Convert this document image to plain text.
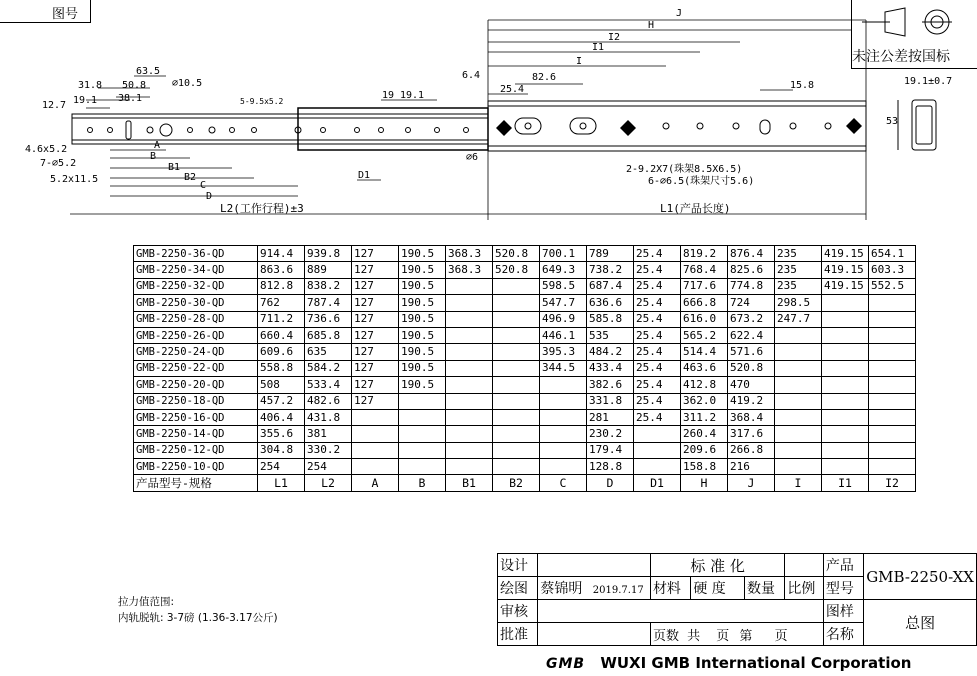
图号
未注公差按国标
63.5
31.8 50.8	⌀10.5
12.7 19.1 38.1	5-9.5x5.2
4.6x5.2
7-⌀5.2
5.2x11.5
A
B
B1
B2
C
D
D1
19 19.1
L2(工作行程)±3
6.4	82.6
25.4
⌀6
J
H
I2
I1
I
15.8
2-9.2X7(珠架8.5X6.5)
6-⌀6.5(珠架尺寸5.6)
L1(产品长度)
19.1±0.7
53
GMB-2250-36-QD	914.4	939.8	127	190.5	368.3	520.8	700.1	789	25.4	819.2	876.4	235	419.15	654.1
GMB-2250-34-QD	863.6	889	127	190.5	368.3	520.8	649.3	738.2	25.4	768.4	825.6	235	419.15	603.3
GMB-2250-32-QD	812.8	838.2	127	190.5			598.5	687.4	25.4	717.6	774.8	235	419.15	552.5
GMB-2250-30-QD	762	787.4	127	190.5			547.7	636.6	25.4	666.8	724	298.5		
GMB-2250-28-QD	711.2	736.6	127	190.5			496.9	585.8	25.4	616.0	673.2	247.7		
GMB-2250-26-QD	660.4	685.8	127	190.5			446.1	535	25.4	565.2	622.4			
GMB-2250-24-QD	609.6	635	127	190.5			395.3	484.2	25.4	514.4	571.6			
GMB-2250-22-QD	558.8	584.2	127	190.5			344.5	433.4	25.4	463.6	520.8			
GMB-2250-20-QD	508	533.4	127	190.5				382.6	25.4	412.8	470			
GMB-2250-18-QD	457.2	482.6	127					331.8	25.4	362.0	419.2			
GMB-2250-16-QD	406.4	431.8						281	25.4	311.2	368.4			
GMB-2250-14-QD	355.6	381						230.2		260.4	317.6			
GMB-2250-12-QD	304.8	330.2						179.4		209.6	266.8			
GMB-2250-10-QD	254	254						128.8		158.8	216			
产品型号-规格	L1	L2	A	B	B1	B2	C	D	D1	H	J	I	I1	I2
拉力值范围:
内轨脱轨: 3-7磅 (1.36-3.17公斤)
设计		标 准 化				产品	GMB-2250-XX
绘图	蔡锦明 2019.7.17	材料	硬 度	数量	比例	型号	
审核						图样	总图
批准		页数 共 页 第 页				名称	
GMB WUXI GMB International Corporation
